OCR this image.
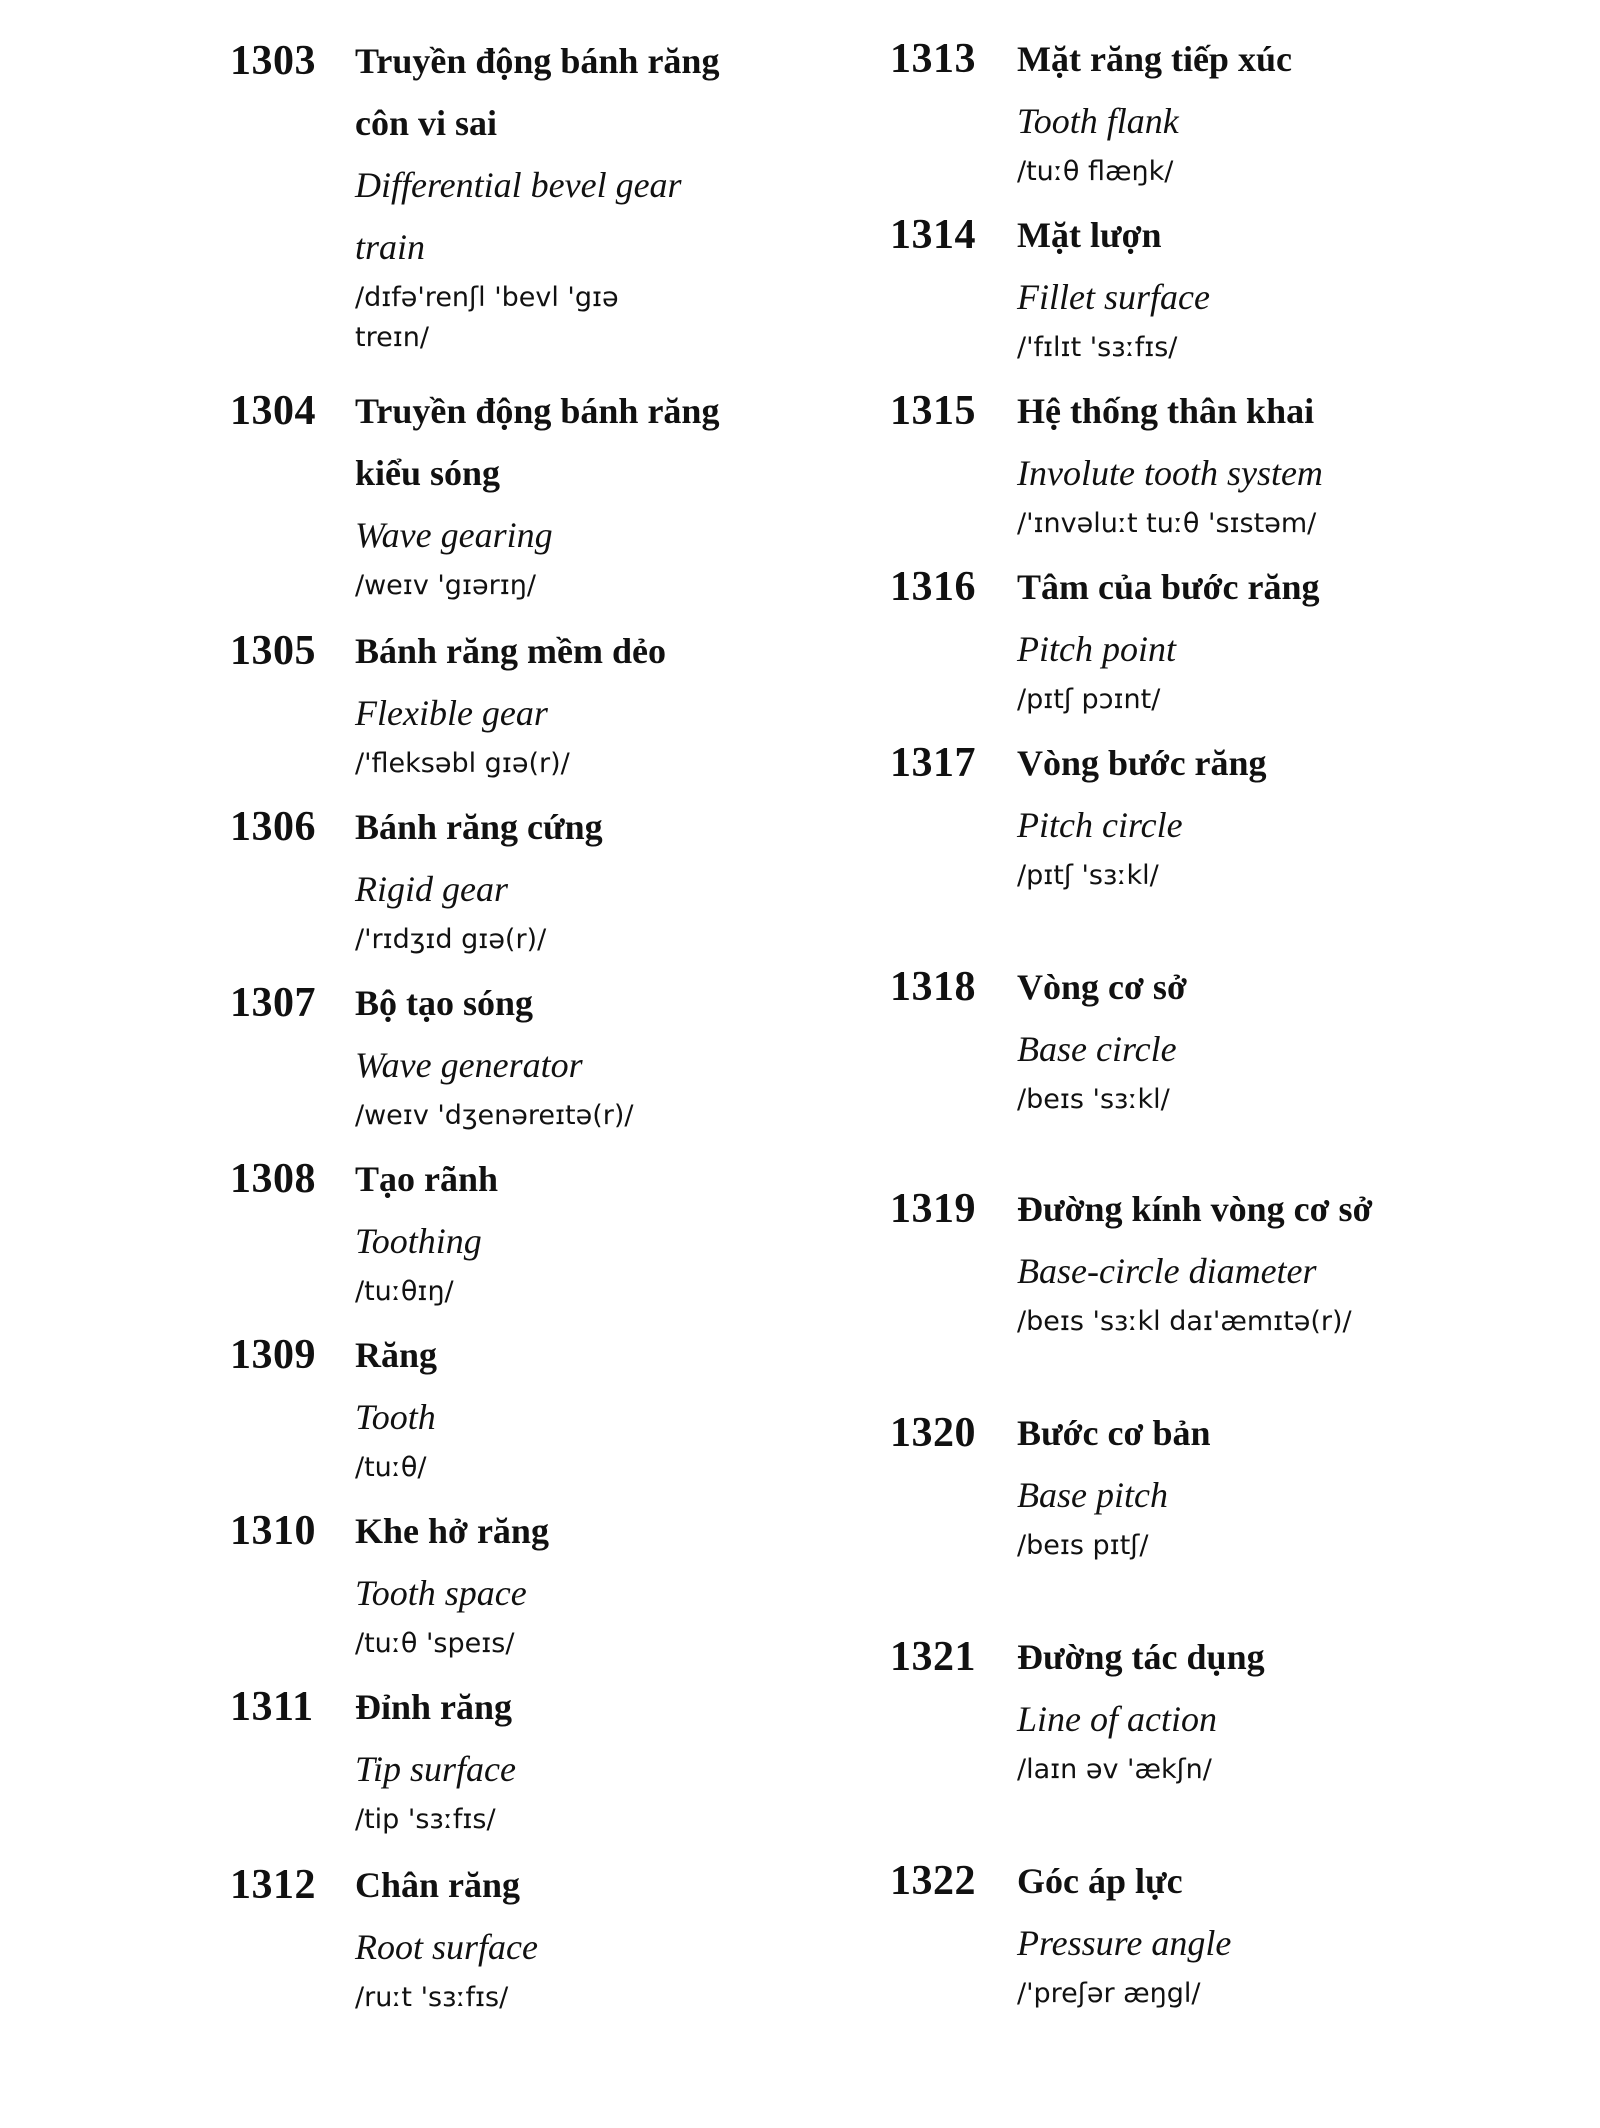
1303 Truyền động bánh răng côn vi sai
Differential bevel gear train
/dɪfə'renʃl 'bevl 'gɪə treɪn/
1304 Truyền động bánh răng kiểu sóng
Wave gearing
/weɪv 'gɪərɪŋ/
1305 Bánh răng mềm dẻo
Flexible gear
/'fleksəbl gɪə(r)/
1306 Bánh răng cứng
Rigid gear
/'rɪdʒɪd gɪə(r)/
1307 Bộ tạo sóng
Wave generator
/weɪv 'dʒenəreɪtə(r)/
1308 Tạo rãnh
Toothing
/tuːθɪŋ/
1309 Răng
Tooth
/tuːθ/
1310 Khe hở răng
Tooth space
/tuːθ 'speɪs/
1311 Đỉnh răng
Tip surface
/tip 'sɜːfɪs/
1312 Chân răng
Root surface
/ruːt 'sɜːfɪs/
1313 Mặt răng tiếp xúc
Tooth flank
/tuːθ flæŋk/
1314 Mặt lượn
Fillet surface
/'fɪlɪt 'sɜːfɪs/
1315 Hệ thống thân khai
Involute tooth system
/'ɪnvəluːt tuːθ 'sɪstəm/
1316 Tâm của bước răng
Pitch point
/pɪtʃ pɔɪnt/
1317 Vòng bước răng
Pitch circle
/pɪtʃ 'sɜːkl/
1318 Vòng cơ sở
Base circle
/beɪs 'sɜːkl/
1319 Đường kính vòng cơ sở
Base-circle diameter
/beɪs 'sɜːkl daɪ'æmɪtə(r)/
1320 Bước cơ bản
Base pitch
/beɪs pɪtʃ/
1321 Đường tác dụng
Line of action
/laɪn əv 'ækʃn/
1322 Góc áp lực
Pressure angle
/'preʃər æŋgl/
